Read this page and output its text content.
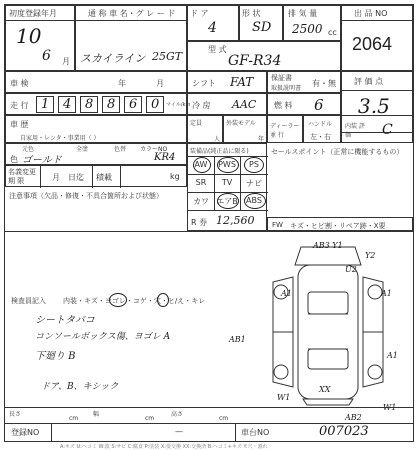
初度登録年月
10
6 月
通 称 車 名・グ レ ー ド
スカイライン 25GT
ド ア
4
形 状
SD
排 気 量
2500 cc
型 式
GF-R34
出 品 NO
2064
車 検	年	月	シフト FAT	保証書
取扱説明書
有・無 評 価 点
3.5
走 行 1 4 8 8 6 0 マイル/km 冷 房 AAC 燃 料 6
車 歴
自家用・レンタ・事業用（ ）
定員
人
外装モデル
年
ディーラー 並 行
ハンドル
左・右
内装 評価	C
元色	全塗	色替
色 ゴールド
カラーNO
KR4
名義変更 期 限	月 日迄 積載	kg
装備品(純正品に限る)
AW	PWS	PS
SR	TV	ナビ
カワ エアB	ABS
R 券 12,560
注意事項（欠品・修復・不具合箇所および状態）
セールスポイント（正常に機能するもの）
FW キズ・ヒビ割・リペア跡・X要
検査員記入 内装・キズ・ヨゴレ・コゲ・穴・ヒ/え・キレ
シートタバコ
コンソールボックス傷、ヨゴレ A
下廻り B
ドア、B、キシック
AB3 Y1
Y2
U2
A1	A1
AB1
XX
W1
A1
W1
AB2
長さ
cm
幅
cm
高さ
cm
登録NO	—	車台NO	007023
A:キズ U:ヘコミ W:波 S:サビ C:腐食 P:塗装 X:要交換 XX:交換済 B:ヘコミ+キズ Y:穴・割れ
